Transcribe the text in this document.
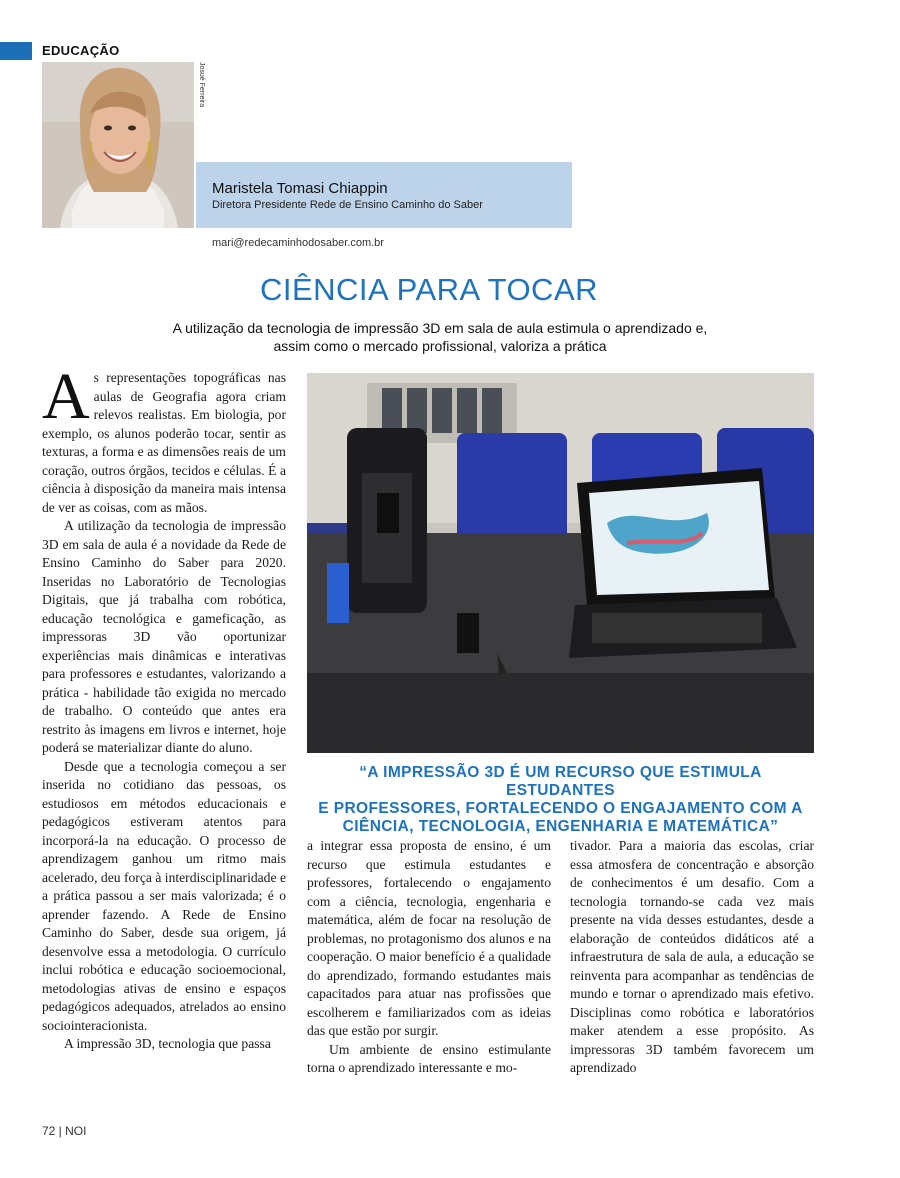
EDUCAÇÃO
Josué Ferreira
Maristela Tomasi Chiappin
Diretora Presidente Rede de Ensino Caminho do Saber
mari@redecaminhodosaber.com.br
CIÊNCIA PARA TOCAR
A utilização da tecnologia de impressão 3D em sala de aula estimula o aprendizado e,
assim como o mercado profissional, valoriza a prática

As representações topográficas nas aulas de Geografia agora criam relevos realistas. Em biologia, por exemplo, os alunos poderão tocar, sentir as texturas, a forma e as dimensões reais de um coração, outros órgãos, tecidos e células. É a ciência à disposição da maneira mais intensa de ver as coisas, com as mãos.

A utilização da tecnologia de impressão 3D em sala de aula é a novidade da Rede de Ensino Caminho do Saber para 2020. Inseridas no Laboratório de Tecnologias Digitais, que já trabalha com robótica, educação tecnológica e gameficação, as impressoras 3D vão oportunizar experiências mais dinâmicas e interativas para professores e estudantes, valorizando a prática - habilidade tão exigida no mercado de trabalho. O conteúdo que antes era restrito às imagens em livros e internet, hoje poderá se materializar diante do aluno.

Desde que a tecnologia começou a ser inserida no cotidiano das pessoas, os estudiosos em métodos educacionais e pedagógicos estiveram atentos para incorporá-la na educação. O processo de aprendizagem ganhou um ritmo mais acelerado, deu força à interdisciplinaridade e a prática passou a ser mais valorizada; é o aprender fazendo. A Rede de Ensino Caminho do Saber, desde sua origem, já desenvolve essa a metodologia. O currículo inclui robótica e educação socioemocional, metodologias ativas de ensino e espaços pedagógicos adequados, atrelados ao ensino sociointeracionista.

A impressão 3D, tecnologia que passa

“A IMPRESSÃO 3D É UM RECURSO QUE ESTIMULA ESTUDANTES
E PROFESSORES, FORTALECENDO O ENGAJAMENTO COM A
CIÊNCIA, TECNOLOGIA, ENGENHARIA E MATEMÁTICA”

a integrar essa proposta de ensino, é um recurso que estimula estudantes e professores, fortalecendo o engajamento com a ciência, tecnologia, engenharia e matemática, além de focar na resolução de problemas, no protagonismo dos alunos e na cooperação. O maior benefício é a qualidade do aprendizado, formando estudantes mais capacitados para atuar nas profissões que escolherem e familiarizados com as ideias das que estão por surgir.

Um ambiente de ensino estimulante torna o aprendizado interessante e mo-

tivador. Para a maioria das escolas, criar essa atmosfera de concentração e absorção de conhecimentos é um desafio. Com a tecnologia tornando-se cada vez mais presente na vida desses estudantes, desde a elaboração de conteúdos didáticos até a infraestrutura de sala de aula, a educação se reinventa para acompanhar as tendências de mundo e tornar o aprendizado mais efetivo. Disciplinas como robótica e laboratórios maker atendem a esse propósito. As impressoras 3D também favorecem um aprendizado

72 | NOI
